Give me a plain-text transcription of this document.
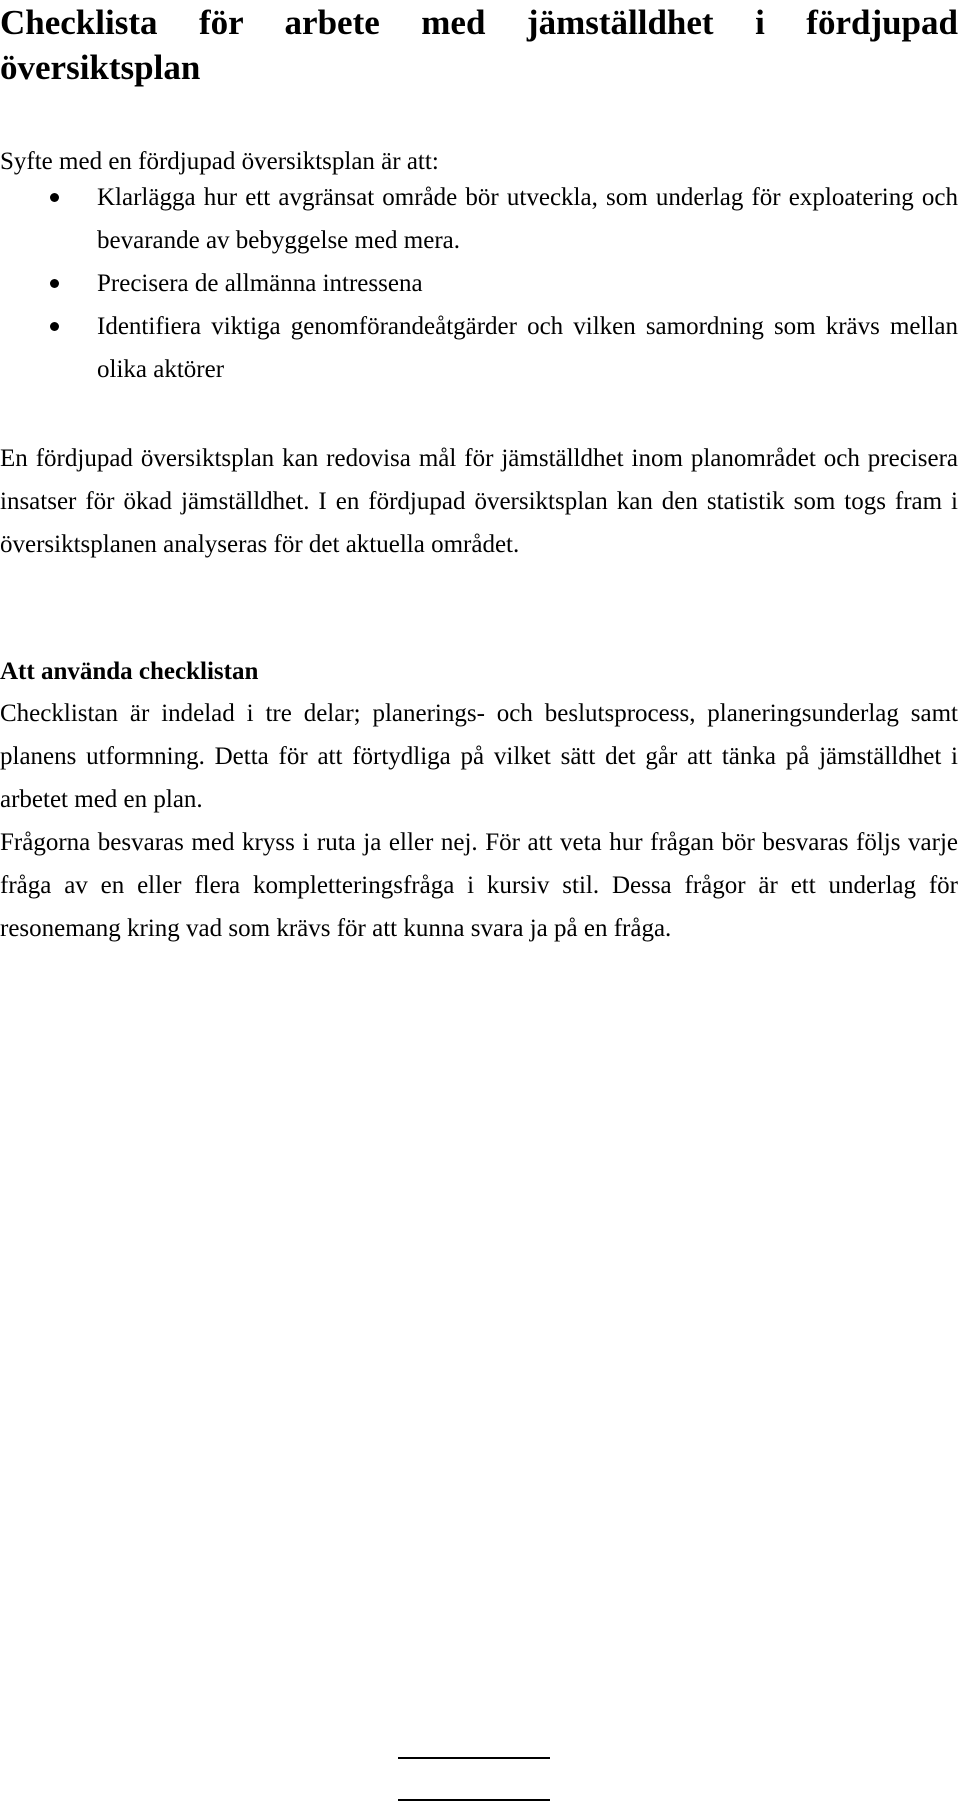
Checklista för arbete med jämställdhet i fördjupad översiktsplan

Syfte med en fördjupad översiktsplan är att:

Klarlägga hur ett avgränsat område bör utveckla, som underlag för exploatering och bevarande av bebyggelse med mera.
Precisera de allmänna intressena
Identifiera viktiga genomförandeåtgärder och vilken samordning som krävs mellan olika aktörer

En fördjupad översiktsplan kan redovisa mål för jämställdhet inom planområdet och precisera insatser för ökad jämställdhet. I en fördjupad översiktsplan kan den statistik som togs fram i översiktsplanen analyseras för det aktuella området.

Att använda checklistan

Checklistan är indelad i tre delar; planerings- och beslutsprocess, planeringsunderlag samt planens utformning. Detta för att förtydliga på vilket sätt det går att tänka på jämställdhet i arbetet med en plan.

Frågorna besvaras med kryss i ruta ja eller nej. För att veta hur frågan bör besvaras följs varje fråga av en eller flera kompletteringsfråga i kursiv stil. Dessa frågor är ett underlag för resonemang kring vad som krävs för att kunna svara ja på en fråga.
